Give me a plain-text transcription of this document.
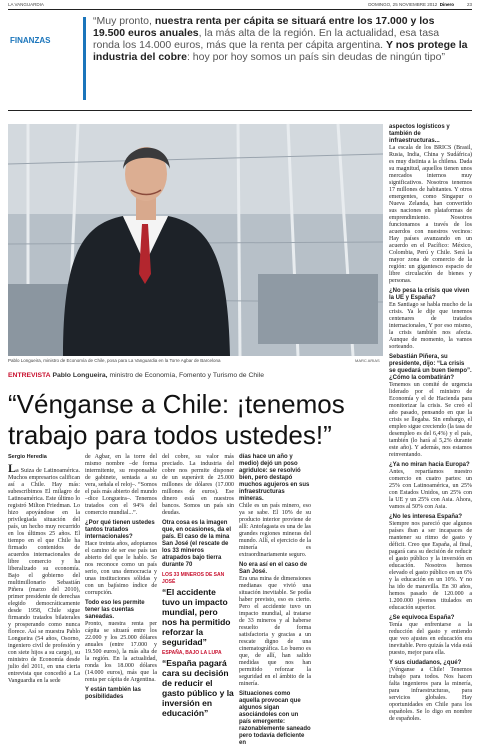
LA VANGUARDIA	DOMINGO, 25 NOVIEMBRE 2012 Dinero	23
FINANZAS
“Muy pronto, nuestra renta per cápita se situará entre los 17.000 y los 19.500 euros anuales, la más alta de la región. En la actualidad, esa tasa ronda los 14.000 euros, más que la renta per cápita argentina. Y nos protege la industria del cobre: hoy por hoy somos un país sin deudas de ningún tipo”
Pablo Longueira, ministro de Economía de Chile, posa para La Vanguardia en la Torre Agbar de Barcelona	MARC ARIAS
ENTREVISTA Pablo Longueira, ministro de Economía, Fomento y Turismo de Chile
“Vénganse a Chile: ¡tenemos trabajo para todos ustedes!”
Sergio Heredia

La Suiza de Latinoamérica. Muchos empresarios califican así a Chile. Hay más: subescribimos El milagro de Latinoamérica. Este último lo registró Milton Friedman. Lo hizo apoyándose en la privilegiada situación del país, un hecho muy recurrido en los últimos 25 años. El tiempo en el que Chile ha firmado contenidos de acuerdos internacionales de libre comercio y ha liberalizado su economía. Bajo el gobierno del multimillonario Sebastián Piñera (marzo del 2010), primer presidente de derechas elegido democráticamente desde 1958, Chile sigue firmando tratados bilaterales y prosperando como nunca florece. Así se muestra Pablo Longueira (54 años, Osorno, ingeniero civil de profesión y con siete hijos a su cargo), su ministro de Economía desde julio del 2011, en una cierta entrevista que concedió a La Vanguardia en la sede

de Agbar, en la torre del mismo nombre –de forma intermitente, su responsable de gabinete, sentada a su vera, señala el reloj–. “Somos el país más abierto del mundo –dice Longueira–. Tenemos tratados con el 94% del comercio mundial...”.

¿Por qué tienen ustedes tantos tratados internacionales?

Hace treinta años, adoptamos el camino de ser ese país tan abierto del que le hablo. Se nos reconoce como un país serio, con una democracia y unas instituciones sólidas y con un bajísimo índice de corrupción.

Todo eso les permite tener las cuentas saneadas.

Pronto, nuestra renta per cápita se situará entre los 22.000 y los 25.000 dólares anuales (entre 17.000 y 19.500 euros), la más alta de la región. En la actualidad, ronda los 18.000 dólares (14.000 euros), más que la renta per cápita de Argentina.

Y están también las posibilidades

del cobre, su valor más preciado. La industria del cobre nos permite disponer de un superávit de 25.000 millones de dólares (17.000 millones de euros). Ese dinero está en nuestros bancos. Somos un país sin deudas.

Otra cosa es la imagen que, en ocasiones, da el país. El caso de la mina San José (el rescate de los 33 mineros atrapados bajo tierra durante 70
LOS 33 MINEROS DE SAN JOSÉ
“El accidente tuvo un impacto mundial, pero nos ha permitido reforzar la seguridad”
ESPAÑA, BAJO LA LUPA
“España pagará cara su decisión de reducir el gasto público y la inversión en educación”
días hace un año y medio) dejó un poso agridulce: se resolvió bien, pero destapó muchos agujeros en sus infraestructuras mineras.

Chile es un país minero, eso ya se sabe. El 10% de su producto interior proviene de allí: Antofagasta es una de las grandes regiones mineras del mundo. Allí, el ejercicio de la minería es extraordinariamente seguro.

No era así en el caso de San José.

Era una mina de dimensiones medianas que vivió una situación inevitable. Se podía haber previsto, eso es cierto. Pero el accidente tuvo un impacto mundial, al tratarse de 33 mineros y al haberse resuelto de forma satisfactoria y gracias a un rescate digno de una cinematográfica. Lo bueno es que, de allí, han salido medidas que nos han permitido reforzar la seguridad en el ámbito de la minería.

Situaciones como aquella provocan que algunos sigan asociándoles con un país emergente: razonablemente saneado pero todavía deficiente en
aspectos logísticos y también de infraestructuras...

La escala de los BRICS (Brasil, Rusia, India, China y Sudáfrica) es muy distinta a la chilena. Dada su magnitud, aquellos tienen unos mercados internos muy significativos. Nosotros tenemos 17 millones de habitantes. Y otros emergentes, como Singapur o Nueva Zelanda, han convertido sus naciones en plataformas de emprendimiento. Nosotros funcionamos a través de los acuerdos con nuestros vecinos: Hay países avanzando en un acuerdo en el Pacífico: México, Colombia, Perú y Chile. Será la mayor zona de comercio de la región: un gigantesco espacio de libre circulación de bienes y personas.

¿No pesa la crisis que viven la UE y España?

En Santiago se habla mucho de la crisis. Ya le dije que tenemos centenares de tratados internacionales, Y por eso mismo, la crisis también nos afecta. Aunque de momento, la vamos sorteando.

Sebastián Piñera, su presidente, dijo: “La crisis se quedará un buen tiempo”. ¿Cómo la combatirán?

Tenemos un comité de urgencia liderado por el ministro de Economía y el de Hacienda para monitorizar la crisis. Se creó el año pasado, pensando en que la crisis se llegaba. Sin embargo, el empleo sigue creciendo (la tasa de desempleo es del 6,4%) y el país, también (lo hará al 5,2% durante este año). Y además, nos estamos reinventando.

¿Ya no miran hacia Europa?

Antes, repartíamos nuestro comercio en cuatro partes: un 25% con Latinoamérica, un 25% con Estados Unidos, un 25% con la UE y un 25% con Asia. Ahora, vamos al 50% con Asia.

¿No les interesa España?

Siempre nos pareció que algunos países iban a ser incapaces de mantener su ritmo de gasto y déficit. Creo que España, al final, pagará cara su decisión de reducir el gasto público y la inversión en educación. Nosotros hemos elevado el gasto público en un 6% y la educación en un 10%. Y no ha ido de maravilla. En 30 años, hemos pasado de 120.000 a 1.200.000 jóvenes titulados en educación superior.

¿Se equivoca España?

Tenía que enfrentarse a la reducción del gasto y entiendo que veo ajustes en educación era inevitable. Pero quizás la vida está puesto, mejor para ella.

Y sus ciudadanos, ¿qué?

¡Vénganse a Chile! Tenemos trabajo para todos. Nos hacen falta ingenieros para la minería, para infraestructuras, para servicios globales. Hay oportunidades en Chile para los españoles. Se lo digo en nombre de españoles.
